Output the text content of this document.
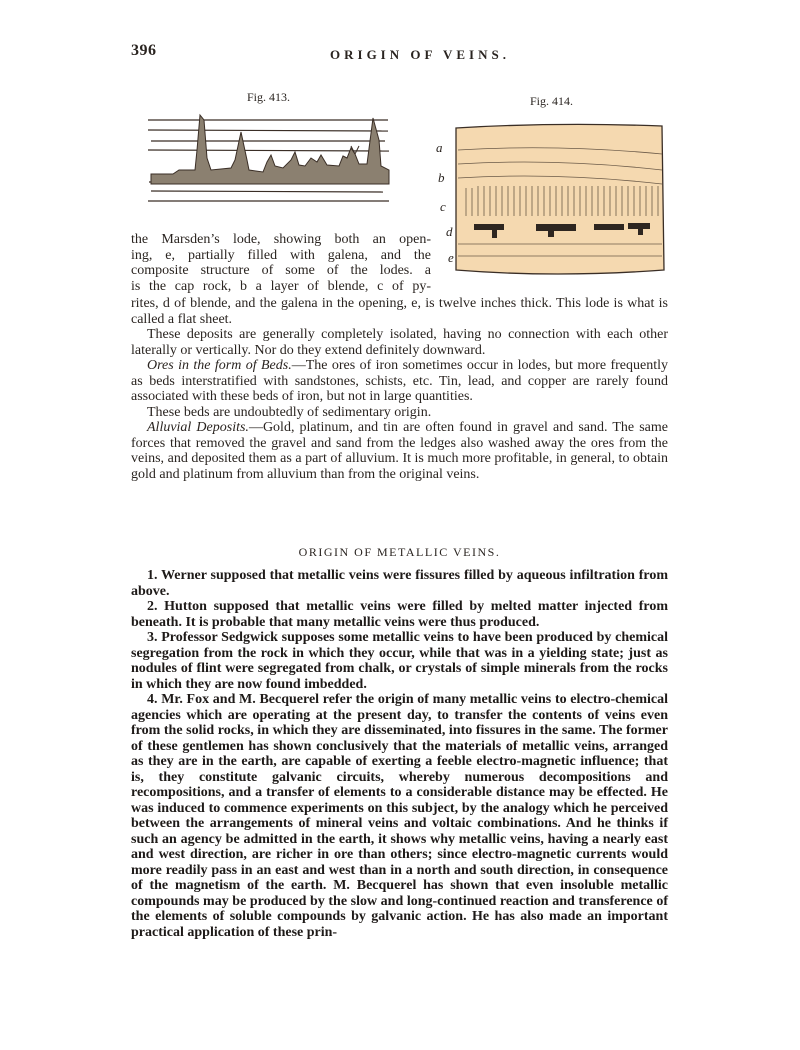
396	ORIGIN OF VEINS.
Fig. 413.	Fig. 414.
a
b
c
d
e
the Marsden’s lode, showing both an open-
ing, e, partially filled with galena, and the
composite structure of some of the lodes. a
is the cap rock, b a layer of blende, c of py-

rites, d of blende, and the galena in the opening, e, is twelve inches thick. This lode is what is called a flat sheet.

These deposits are generally completely isolated, having no connection with each other laterally or vertically. Nor do they extend definitely downward.

Ores in the form of Beds.—The ores of iron sometimes occur in lodes, but more frequently as beds interstratified with sandstones, schists, etc. Tin, lead, and copper are rarely found associated with these beds of iron, but not in large quantities.

These beds are undoubtedly of sedimentary origin.

Alluvial Deposits.—Gold, platinum, and tin are often found in gravel and sand. The same forces that removed the gravel and sand from the ledges also washed away the ores from the veins, and deposited them as a part of alluvium. It is much more profitable, in general, to obtain gold and platinum from alluvium than from the original veins.

ORIGIN OF METALLIC VEINS.

1. Werner supposed that metallic veins were fissures filled by aqueous infiltration from above.

2. Hutton supposed that metallic veins were filled by melted matter injected from beneath. It is probable that many metallic veins were thus produced.

3. Professor Sedgwick supposes some metallic veins to have been produced by chemical segregation from the rock in which they occur, while that was in a yielding state; just as nodules of flint were segregated from chalk, or crystals of simple minerals from the rocks in which they are now found imbedded.

4. Mr. Fox and M. Becquerel refer the origin of many metallic veins to electro-chemical agencies which are operating at the present day, to transfer the contents of veins even from the solid rocks, in which they are disseminated, into fissures in the same. The former of these gentlemen has shown conclusively that the materials of metallic veins, arranged as they are in the earth, are capable of exerting a feeble electro-magnetic influence; that is, they constitute galvanic circuits, whereby numerous decompositions and recompositions, and a transfer of elements to a considerable distance may be effected. He was induced to commence experiments on this subject, by the analogy which he perceived between the arrangements of mineral veins and voltaic combinations. And he thinks if such an agency be admitted in the earth, it shows why metallic veins, having a nearly east and west direction, are richer in ore than others; since electro-magnetic currents would more readily pass in an east and west than in a north and south direction, in consequence of the magnetism of the earth. M. Becquerel has shown that even insoluble metallic compounds may be produced by the slow and long-continued reaction and transference of the elements of soluble compounds by galvanic action. He has also made an important practical application of these prin-
